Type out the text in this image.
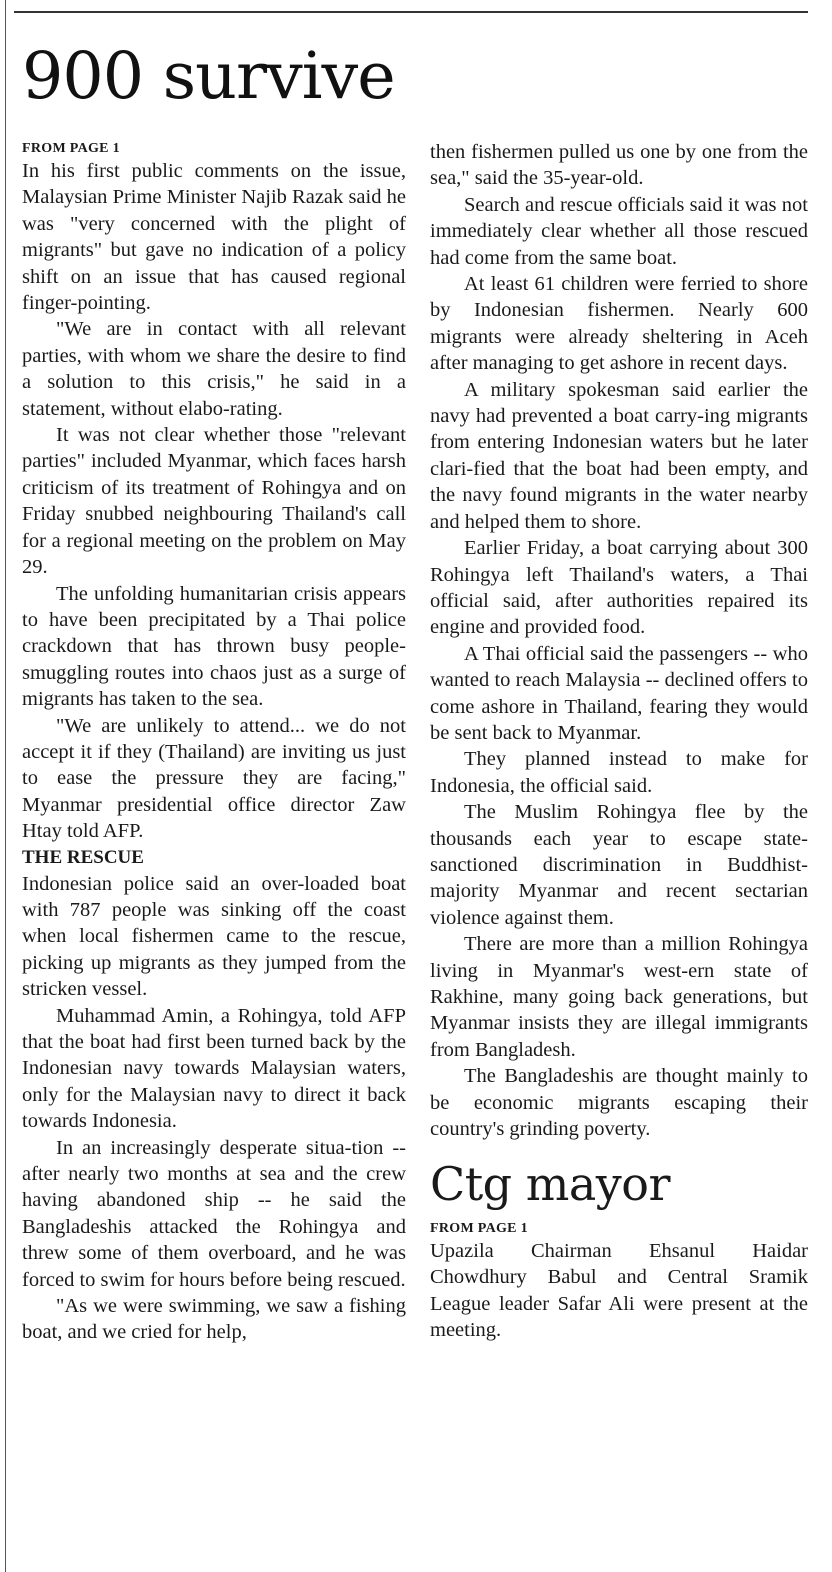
900 survive

FROM PAGE 1

In his first public comments on the issue, Malaysian Prime Minister Najib Razak said he was "very concerned with the plight of migrants" but gave no indication of a policy shift on an issue that has caused regional finger-pointing.

"We are in contact with all relevant parties, with whom we share the desire to find a solution to this crisis," he said in a statement, without elabo-rating.

It was not clear whether those "relevant parties" included Myanmar, which faces harsh criticism of its treatment of Rohingya and on Friday snubbed neighbouring Thailand's call for a regional meeting on the problem on May 29.

The unfolding humanitarian crisis appears to have been precipitated by a Thai police crackdown that has thrown busy people-smuggling routes into chaos just as a surge of migrants has taken to the sea.

"We are unlikely to attend... we do not accept it if they (Thailand) are inviting us just to ease the pressure they are facing," Myanmar presidential office director Zaw Htay told AFP.

THE RESCUE

Indonesian police said an over-loaded boat with 787 people was sinking off the coast when local fishermen came to the rescue, picking up migrants as they jumped from the stricken vessel.

Muhammad Amin, a Rohingya, told AFP that the boat had first been turned back by the Indonesian navy towards Malaysian waters, only for the Malaysian navy to direct it back towards Indonesia.

In an increasingly desperate situa-tion -- after nearly two months at sea and the crew having abandoned ship -- he said the Bangladeshis attacked the Rohingya and threw some of them overboard, and he was forced to swim for hours before being rescued.

"As we were swimming, we saw a fishing boat, and we cried for help,

then fishermen pulled us one by one from the sea," said the 35-year-old.

Search and rescue officials said it was not immediately clear whether all those rescued had come from the same boat.

At least 61 children were ferried to shore by Indonesian fishermen. Nearly 600 migrants were already sheltering in Aceh after managing to get ashore in recent days.

A military spokesman said earlier the navy had prevented a boat carry-ing migrants from entering Indonesian waters but he later clari-fied that the boat had been empty, and the navy found migrants in the water nearby and helped them to shore.

Earlier Friday, a boat carrying about 300 Rohingya left Thailand's waters, a Thai official said, after authorities repaired its engine and provided food.

A Thai official said the passengers -- who wanted to reach Malaysia -- declined offers to come ashore in Thailand, fearing they would be sent back to Myanmar.

They planned instead to make for Indonesia, the official said.

The Muslim Rohingya flee by the thousands each year to escape state-sanctioned discrimination in Buddhist-majority Myanmar and recent sectarian violence against them.

There are more than a million Rohingya living in Myanmar's west-ern state of Rakhine, many going back generations, but Myanmar insists they are illegal immigrants from Bangladesh.

The Bangladeshis are thought mainly to be economic migrants escaping their country's grinding poverty.

Ctg mayor

FROM PAGE 1

Upazila Chairman Ehsanul Haidar Chowdhury Babul and Central Sramik League leader Safar Ali were present at the meeting.
